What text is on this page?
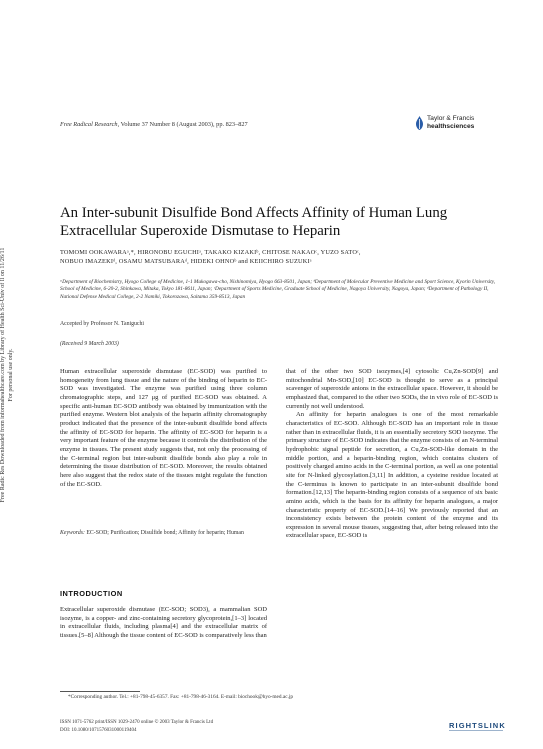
Free Radic Res Downloaded from informahealthcare.com by Library of Health Sci-Univ of Il on 11/26/11
For personal use only.
Free Radical Research, Volume 37 Number 8 (August 2003), pp. 823–827
Taylor & Francis
healthsciences
An Inter-subunit Disulfide Bond Affects Affinity of Human Lung Extracellular Superoxide Dismutase to Heparin
TOMOMI OOKAWARAᵃ,*, HIRONOBU EGUCHIᵃ, TAKAKO KIZAKIᵇ, CHITOSE NAKAOᶜ, YUZO SATOᶜ,
NOBUO IMAZEKIᵈ, OSAMU MATSUBARAᵈ, HIDEKI OHNOᵇ and KEIICHIRO SUZUKIᵃ
ᵃDepartment of Biochemistry, Hyogo College of Medicine, 1-1 Mukogawa-cho, Nishinomiya, Hyogo 663-8501, Japan; ᵇDepartment of Molecular Preventive Medicine and Sport Science, Kyorin University, School of Medicine, 6-20-2, Shinkawa, Mitaka, Tokyo 181-8611, Japan; ᶜDepartment of Sports Medicine, Graduate School of Medicine, Nagoya University, Nagoya, Japan; ᵈDepartment of Pathology II, National Defense Medical College, 2-2 Namiki, Tokorozawa, Saitama 359-8513, Japan
Accepted by Professor N. Taniguchi
(Received 9 March 2003)
Human extracellular superoxide dismutase (EC-SOD) was purified to homogeneity from lung tissue and the nature of the binding of heparin to EC-SOD was investigated. The enzyme was purified using three column chromatographic steps, and 127 μg of purified EC-SOD was obtained. A specific anti-human EC-SOD antibody was obtained by immunization with the purified enzyme. Western blot analysis of the heparin affinity chromatography product indicated that the presence of the inter-subunit disulfide bond affects the affinity of EC-SOD for heparin. The affinity of EC-SOD for heparin is a very important feature of the enzyme because it controls the distribution of the enzyme in tissues. The present study suggests that, not only the processing of the C-terminal region but inter-subunit disulfide bonds also play a role in determining the tissue distribution of EC-SOD. Moreover, the results obtained here also suggest that the redox state of the tissues might regulate the function of the EC-SOD.
Keywords: EC-SOD; Purification; Disulfide bond; Affinity for heparin; Human
INTRODUCTION
Extracellular superoxide dismutase (EC-SOD; SOD3), a mammalian SOD isozyme, is a copper- and zinc-containing secretory glycoprotein,[1–3] located in extracellular fluids, including plasma[4] and the extracellular matrix of tissues.[5–8] Although the tissue content of EC-SOD is comparatively less than

that of the other two SOD isozymes,[4] cytosolic Cu,Zn-SOD[9] and mitochondrial Mn-SOD,[10] EC-SOD is thought to serve as a principal scavenger of superoxide anions in the extracellular space. However, it should be emphasized that, compared to the other two SODs, the in vivo role of EC-SOD is currently not well understood.

An affinity for heparin analogues is one of the most remarkable characteristics of EC-SOD. Although EC-SOD has an important role in tissue rather than in extracellular fluids, it is an essentially secretory SOD isozyme. The primary structure of EC-SOD indicates that the enzyme consists of an N-terminal hydrophobic signal peptide for secretion, a Cu,Zn-SOD-like domain in the middle portion, and a heparin-binding region, which contains clusters of positively charged amino acids in the C-terminal portion, as well as one potential site for N-linked glycosylation.[3,11] In addition, a cysteine residue located at the C-terminus is known to participate in an inter-subunit disulfide bond formation.[12,13] The heparin-binding region consists of a sequence of six basic amino acids, which is the basis for its affinity for heparin analogues, a major characteristic property of EC-SOD.[14–16] We previously reported that an inconsistency exists between the protein content of the enzyme and its expression in several mouse tissues, suggesting that, after being released into the extracellular space, EC-SOD is

*Corresponding author. Tel.: +81-798-45-6357. Fax: +81-798-46-3164. E-mail: biochook@hyo-med.ac.jp
ISSN 1071-5762 print/ISSN 1029-2470 online © 2003 Taylor & Francis Ltd
DOI: 10.1080/1071576031000119404
RIGHTSLINK
